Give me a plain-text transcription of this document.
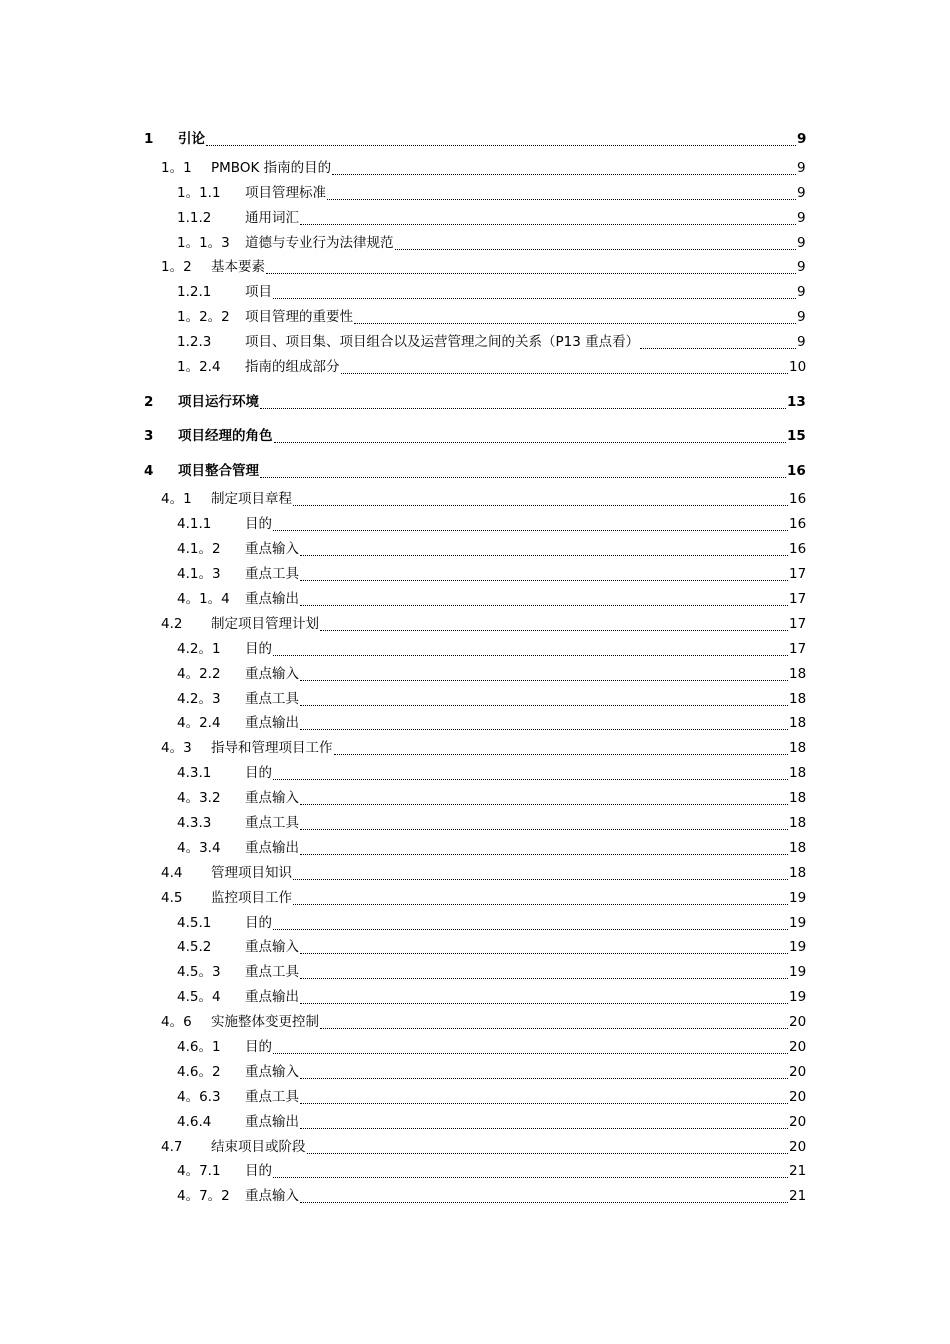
1 引论	9
1。1 PMBOK 指南的目的	9
1。1.1 项目管理标准	9
1.1.2 通用词汇	9
1。1。3 道德与专业行为法律规范	9
1。2 基本要素	9
1.2.1 项目	9
1。2。2 项目管理的重要性	9
1.2.3 项目、项目集、项目组合以及运营管理之间的关系（P13 重点看）	9
1。2.4 指南的组成部分	10
2 项目运行环境	13
3 项目经理的角色	15
4 项目整合管理	16
4。1 制定项目章程	16
4.1.1 目的	16
4.1。2 重点输入	16
4.1。3 重点工具	17
4。1。4 重点输出	17
4.2 制定项目管理计划	17
4.2。1 目的	17
4。2.2 重点输入	18
4.2。3 重点工具	18
4。2.4 重点输出	18
4。3 指导和管理项目工作	18
4.3.1 目的	18
4。3.2 重点输入	18
4.3.3 重点工具	18
4。3.4 重点输出	18
4.4 管理项目知识	18
4.5 监控项目工作	19
4.5.1 目的	19
4.5.2 重点输入	19
4.5。3 重点工具	19
4.5。4 重点输出	19
4。6 实施整体变更控制	20
4.6。1 目的	20
4.6。2 重点输入	20
4。6.3 重点工具	20
4.6.4 重点输出	20
4.7 结束项目或阶段	20
4。7.1 目的	21
4。7。2 重点输入	21
